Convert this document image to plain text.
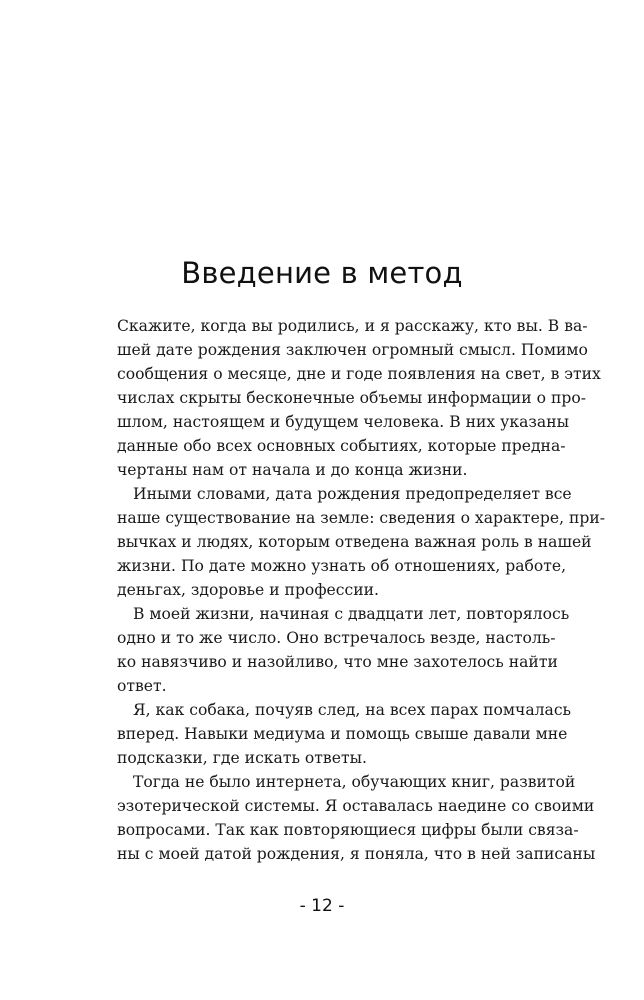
Введение в метод
Скажите, когда вы родились, и я расскажу, кто вы. В ва-
шей дате рождения заключен огромный смысл. Помимо
сообщения о месяце, дне и годе появления на свет, в этих
числах скрыты бесконечные объемы информации о про-
шлом, настоящем и будущем человека. В них указаны
данные обо всех основных событиях, которые предна-
чертаны нам от начала и до конца жизни.
Иными словами, дата рождения предопределяет все
наше существование на земле: сведения о характере, при-
вычках и людях, которым отведена важная роль в нашей
жизни. По дате можно узнать об отношениях, работе,
деньгах, здоровье и профессии.
В моей жизни, начиная с двадцати лет, повторялось
одно и то же число. Оно встречалось везде, настоль-
ко навязчиво и назойливо, что мне захотелось найти
ответ.
Я, как собака, почуяв след, на всех парах помчалась
вперед. Навыки медиума и помощь свыше давали мне
подсказки, где искать ответы.
Тогда не было интернета, обучающих книг, развитой
эзотерической системы. Я оставалась наедине со своими
вопросами. Так как повторяющиеся цифры были связа-
ны с моей датой рождения, я поняла, что в ней записаны
- 12 -
